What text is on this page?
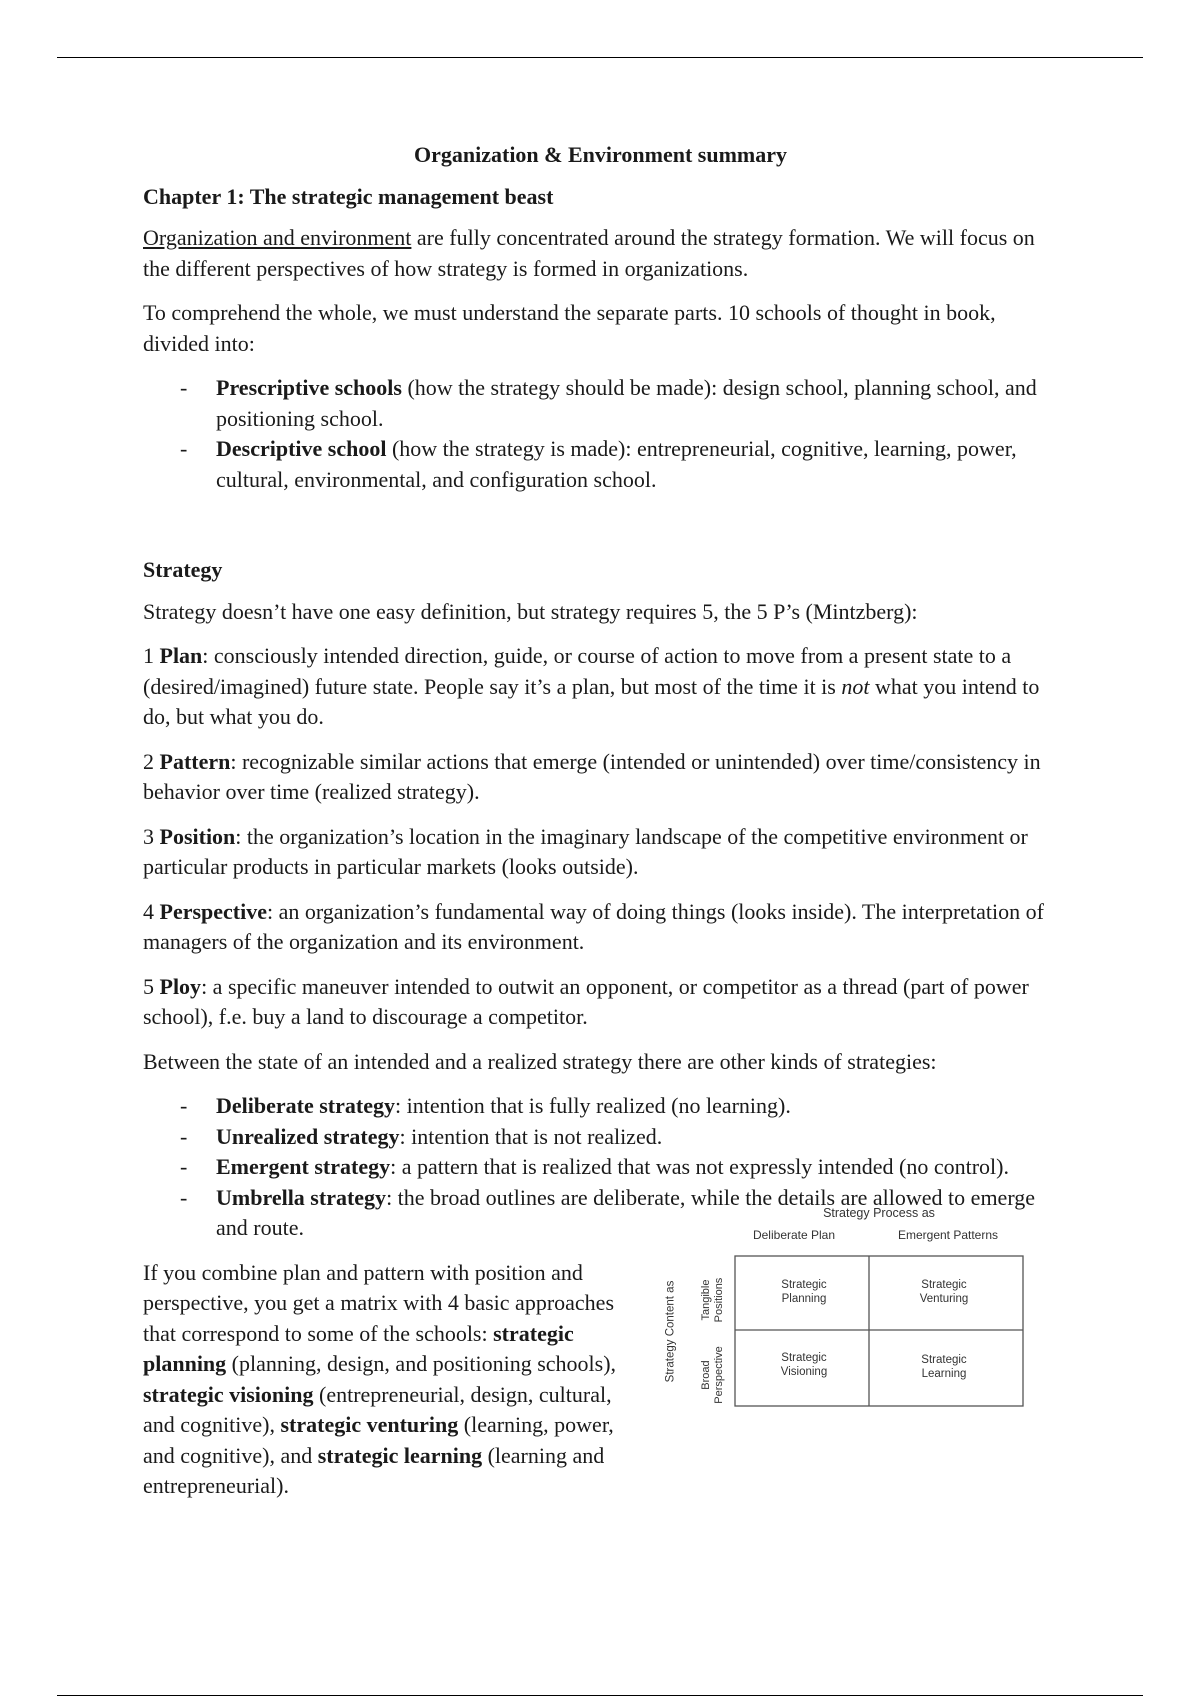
Organization & Environment summary
Chapter 1: The strategic management beast

Organization and environment are fully concentrated around the strategy formation. We will focus on the different perspectives of how strategy is formed in organizations.

To comprehend the whole, we must understand the separate parts. 10 schools of thought in book, divided into:

- Prescriptive schools (how the strategy should be made): design school, planning school, and positioning school.
- Descriptive school (how the strategy is made): entrepreneurial, cognitive, learning, power, cultural, environmental, and configuration school.
Strategy

Strategy doesn’t have one easy definition, but strategy requires 5, the 5 P’s (Mintzberg):

1 Plan: consciously intended direction, guide, or course of action to move from a present state to a (desired/imagined) future state. People say it’s a plan, but most of the time it is not what you intend to do, but what you do.

2 Pattern: recognizable similar actions that emerge (intended or unintended) over time/consistency in behavior over time (realized strategy).

3 Position: the organization’s location in the imaginary landscape of the competitive environment or particular products in particular markets (looks outside).

4 Perspective: an organization’s fundamental way of doing things (looks inside). The interpretation of managers of the organization and its environment.

5 Ploy: a specific maneuver intended to outwit an opponent, or competitor as a thread (part of power school), f.e. buy a land to discourage a competitor.

Between the state of an intended and a realized strategy there are other kinds of strategies:

- Deliberate strategy: intention that is fully realized (no learning).
- Unrealized strategy: intention that is not realized.
- Emergent strategy: a pattern that is realized that was not expressly intended (no control).
- Umbrella strategy: the broad outlines are deliberate, while the details are allowed to emerge and route.

If you combine plan and pattern with position and perspective, you get a matrix with 4 basic approaches that correspond to some of the schools: strategic planning (planning, design, and positioning schools), strategic visioning (entrepreneurial, design, cultural, and cognitive), strategic venturing (learning, power, and cognitive), and strategic learning (learning and entrepreneurial).

Strategy Process as
Deliberate Plan	Emergent Patterns
Strategic Planning
Strategic Venturing
Strategic Visioning
Strategic Learning
Strategy Content as Tangible Positions
Broad Perspective
